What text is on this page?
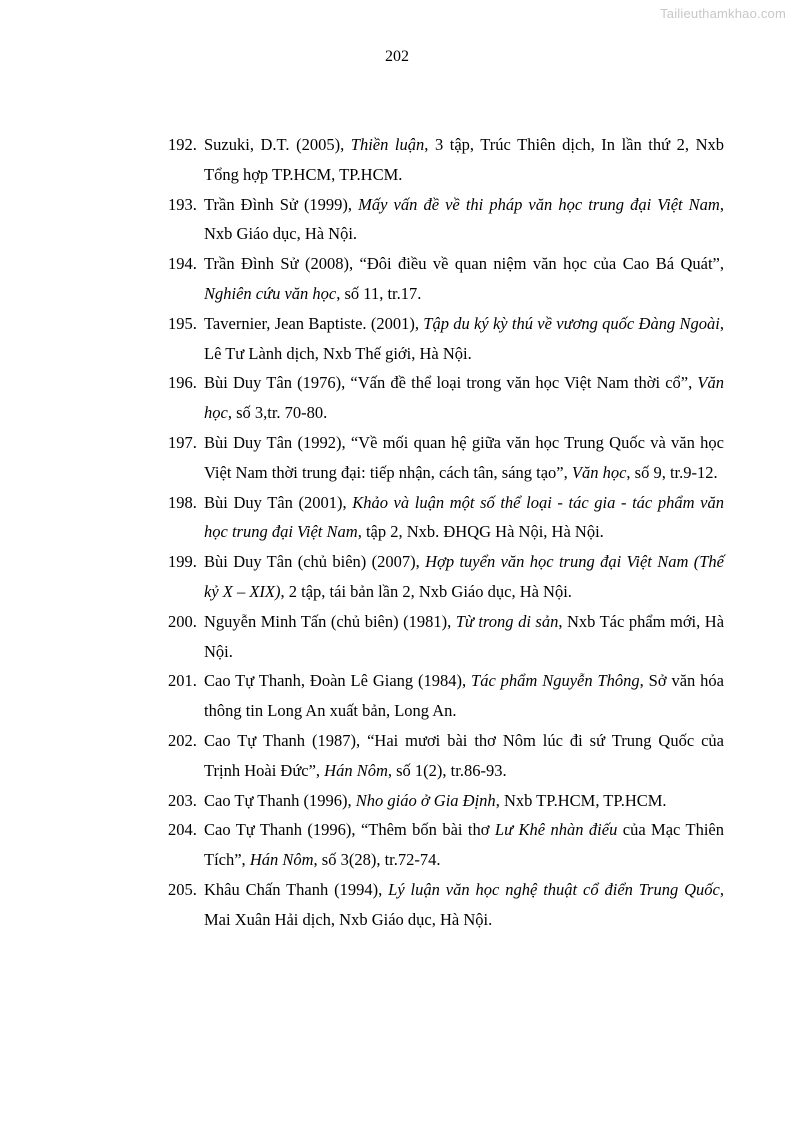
Tailieuthamkhao.com
202
192. Suzuki, D.T. (2005), Thiền luận, 3 tập, Trúc Thiên dịch, In lần thứ 2, Nxb Tổng hợp TP.HCM, TP.HCM.
193. Trần Đình Sử (1999), Mấy vấn đề về thi pháp văn học trung đại Việt Nam, Nxb Giáo dục, Hà Nội.
194. Trần Đình Sử (2008), “Đôi điều về quan niệm văn học của Cao Bá Quát”, Nghiên cứu văn học, số 11, tr.17.
195. Tavernier, Jean Baptiste. (2001), Tập du ký kỳ thú về vương quốc Đàng Ngoài, Lê Tư Lành dịch, Nxb Thế giới, Hà Nội.
196. Bùi Duy Tân (1976), “Vấn đề thể loại trong văn học Việt Nam thời cổ”, Văn học, số 3,tr. 70-80.
197. Bùi Duy Tân (1992), “Về mối quan hệ giữa văn học Trung Quốc và văn học Việt Nam thời trung đại: tiếp nhận, cách tân, sáng tạo”, Văn học, số 9, tr.9-12.
198. Bùi Duy Tân (2001), Khảo và luận một số thể loại - tác gia - tác phẩm văn học trung đại Việt Nam, tập 2, Nxb. ĐHQG Hà Nội, Hà Nội.
199. Bùi Duy Tân (chủ biên) (2007), Hợp tuyển văn học trung đại Việt Nam (Thế kỷ X – XIX), 2 tập, tái bản lần 2, Nxb Giáo dục, Hà Nội.
200. Nguyễn Minh Tấn (chủ biên) (1981), Từ trong di sản, Nxb Tác phẩm mới, Hà Nội.
201. Cao Tự Thanh, Đoàn Lê Giang (1984), Tác phẩm Nguyễn Thông, Sở văn hóa thông tin Long An xuất bản, Long An.
202. Cao Tự Thanh (1987), “Hai mươi bài thơ Nôm lúc đi sứ Trung Quốc của Trịnh Hoài Đức”, Hán Nôm, số 1(2), tr.86-93.
203. Cao Tự Thanh (1996), Nho giáo ở Gia Định, Nxb TP.HCM, TP.HCM.
204. Cao Tự Thanh (1996), “Thêm bốn bài thơ Lư Khê nhàn điếu của Mạc Thiên Tích”, Hán Nôm, số 3(28), tr.72-74.
205. Khâu Chấn Thanh (1994), Lý luận văn học nghệ thuật cổ điển Trung Quốc, Mai Xuân Hải dịch, Nxb Giáo dục, Hà Nội.
